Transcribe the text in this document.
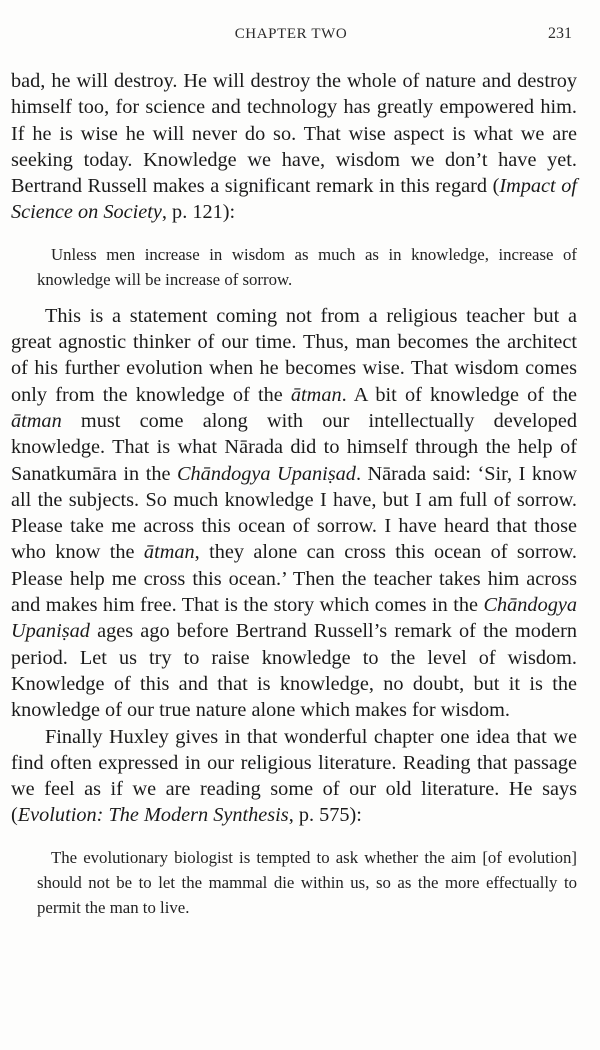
CHAPTER TWO	231

bad, he will destroy. He will destroy the whole of nature and destroy himself too, for science and technology has greatly empowered him. If he is wise he will never do so. That wise aspect is what we are seeking today. Knowledge we have, wisdom we don’t have yet. Bertrand Russell makes a significant remark in this regard (Impact of Science on Society, p. 121):

Unless men increase in wisdom as much as in knowledge, increase of knowledge will be increase of sorrow.

This is a statement coming not from a religious teacher but a great agnostic thinker of our time. Thus, man becomes the architect of his further evolution when he becomes wise. That wisdom comes only from the knowledge of the ātman. A bit of knowledge of the ātman must come along with our intellectually developed knowledge. That is what Nārada did to himself through the help of Sanatkumāra in the Chāndogya Upaniṣad. Nārada said: ‘Sir, I know all the subjects. So much knowledge I have, but I am full of sorrow. Please take me across this ocean of sorrow. I have heard that those who know the ātman, they alone can cross this ocean of sorrow. Please help me cross this ocean.’ Then the teacher takes him across and makes him free. That is the story which comes in the Chāndogya Upaniṣad ages ago before Bertrand Russell’s remark of the modern period. Let us try to raise knowledge to the level of wisdom. Knowledge of this and that is knowledge, no doubt, but it is the knowledge of our true nature alone which makes for wisdom.

Finally Huxley gives in that wonderful chapter one idea that we find often expressed in our religious literature. Reading that passage we feel as if we are reading some of our old literature. He says (Evolution: The Modern Synthesis, p. 575):

The evolutionary biologist is tempted to ask whether the aim [of evolution] should not be to let the mammal die within us, so as the more effectually to permit the man to live.
